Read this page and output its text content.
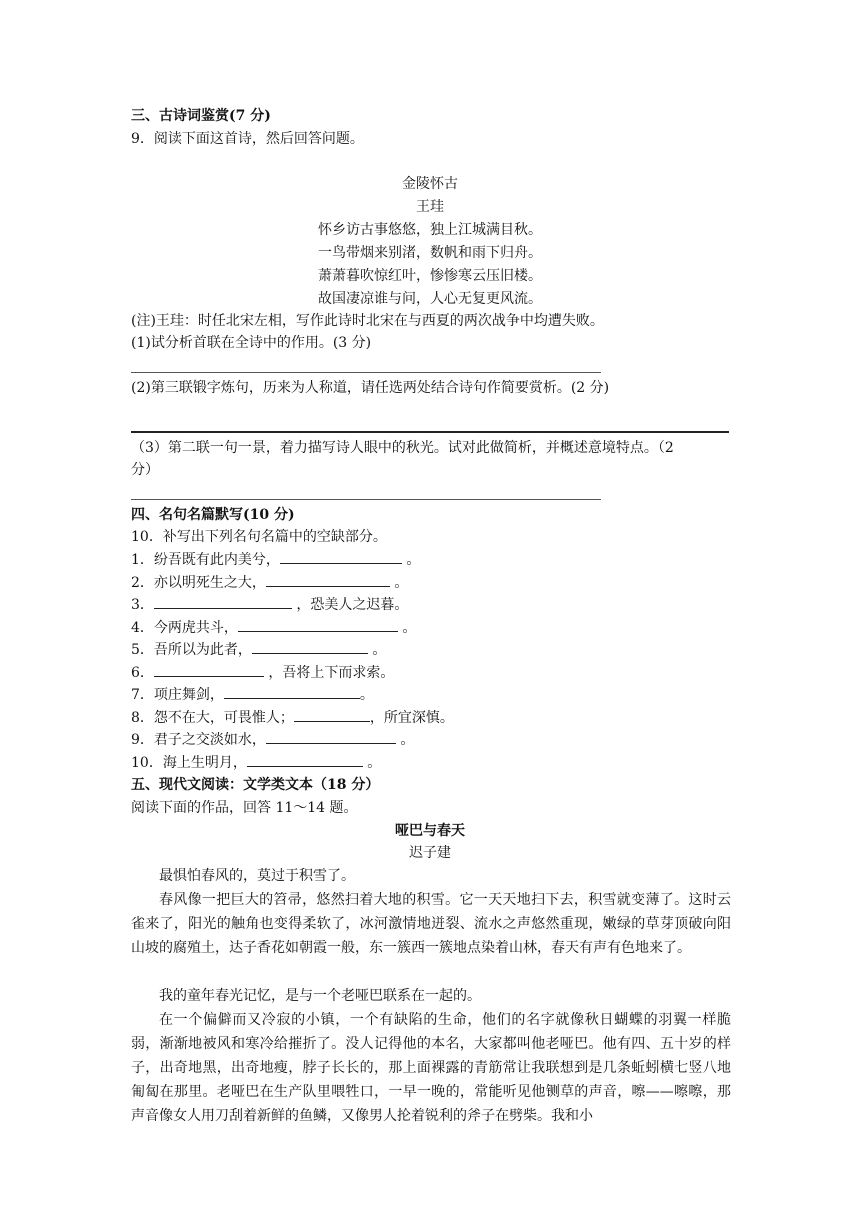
三、古诗词鉴赏(7 分)
9．阅读下面这首诗，然后回答问题。
金陵怀古
王珪
怀乡访古事悠悠，独上江城满目秋。
一鸟带烟来别渚，数帆和雨下归舟。
萧萧暮吹惊红叶，惨惨寒云压旧楼。
故国凄凉谁与问，人心无复更风流。
(注)王珪：时任北宋左相，写作此诗时北宋在与西夏的两次战争中均遭失败。
(1)试分析首联在全诗中的作用。(3 分)
(2)第三联锻字炼句，历来为人称道，请任选两处结合诗句作简要赏析。(2 分)
（3）第二联一句一景，着力描写诗人眼中的秋光。试对此做简析，并概述意境特点。（2
分）
四、名句名篇默写(10 分)
10．补写出下列名句名篇中的空缺部分。
1．纷吾既有此内美兮，	。
2．亦以明死生之大，	。
3．	，恐美人之迟暮。
4．今两虎共斗，	。
5．吾所以为此者，	。
6．	，吾将上下而求索。
7．项庄舞剑，	。
8．怨不在大，可畏惟人；	，所宜深慎。
9．君子之交淡如水，	。
10．海上生明月，	。
五、现代文阅读：文学类文本（18 分）
阅读下面的作品，回答 11～14 题。
哑巴与春天
迟子建
最惧怕春风的，莫过于积雪了。
春风像一把巨大的笤帚，悠然扫着大地的积雪。它一天天地扫下去，积雪就变薄了。这时云雀来了，阳光的触角也变得柔软了，冰河激情地迸裂、流水之声悠然重现，嫩绿的草芽顶破向阳山坡的腐殖土，达子香花如朝霞一般，东一簇西一簇地点染着山林，春天有声有色地来了。
我的童年春光记忆，是与一个老哑巴联系在一起的。
在一个偏僻而又冷寂的小镇，一个有缺陷的生命，他们的名字就像秋日蝴蝶的羽翼一样脆弱，渐渐地被风和寒冷给摧折了。没人记得他的本名，大家都叫他老哑巴。他有四、五十岁的样子，出奇地黑，出奇地瘦，脖子长长的，那上面裸露的青筋常让我联想到是几条蚯蚓横七竖八地匍匐在那里。老哑巴在生产队里喂牲口，一早一晚的，常能听见他铡草的声音，嚓——嚓嚓，那声音像女人用刀刮着新鲜的鱼鳞，又像男人抡着锐利的斧子在劈柴。我和小
